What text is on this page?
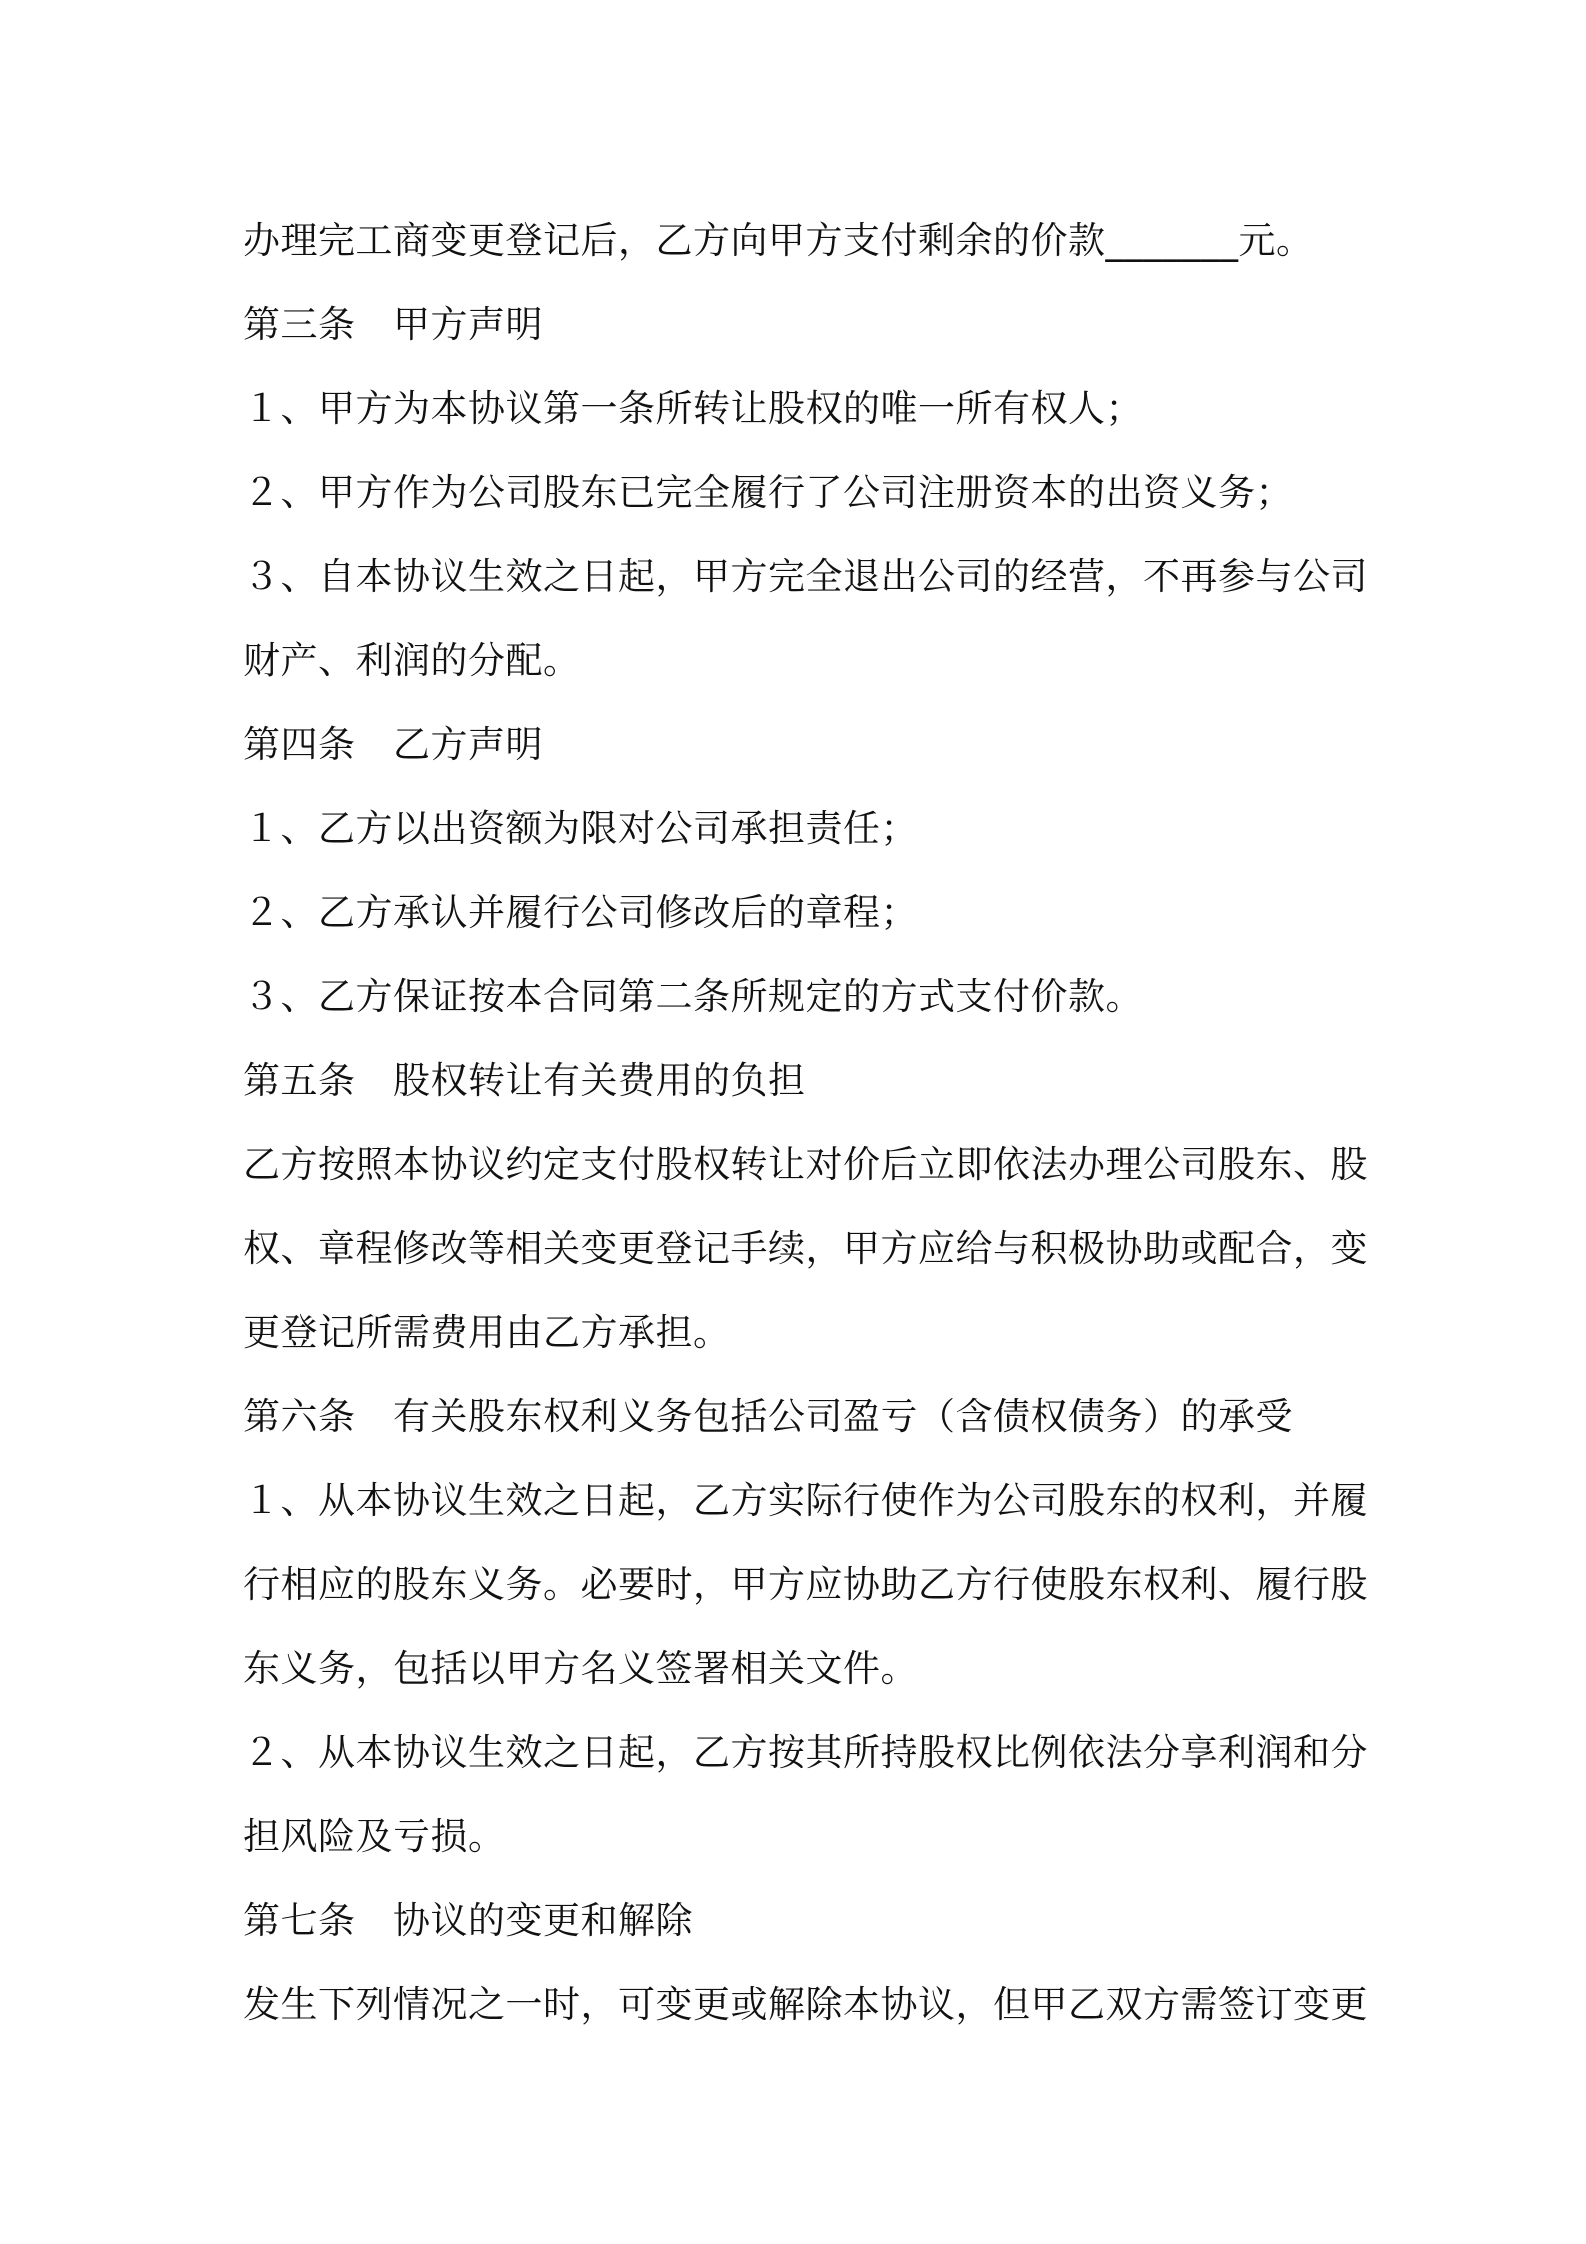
办理完工商变更登记后，乙方向甲方支付剩余的价款_______元。
第三条　甲方声明
１、甲方为本协议第一条所转让股权的唯一所有权人；
２、甲方作为公司股东已完全履行了公司注册资本的出资义务；
３、自本协议生效之日起，甲方完全退出公司的经营，不再参与公司
财产、利润的分配。
第四条　乙方声明
１、乙方以出资额为限对公司承担责任；
２、乙方承认并履行公司修改后的章程；
３、乙方保证按本合同第二条所规定的方式支付价款。
第五条　股权转让有关费用的负担
乙方按照本协议约定支付股权转让对价后立即依法办理公司股东、股
权、章程修改等相关变更登记手续，甲方应给与积极协助或配合，变
更登记所需费用由乙方承担。
第六条　有关股东权利义务包括公司盈亏（含债权债务）的承受
１、从本协议生效之日起，乙方实际行使作为公司股东的权利，并履
行相应的股东义务。必要时，甲方应协助乙方行使股东权利、履行股
东义务，包括以甲方名义签署相关文件。
２、从本协议生效之日起，乙方按其所持股权比例依法分享利润和分
担风险及亏损。
第七条　协议的变更和解除
发生下列情况之一时，可变更或解除本协议，但甲乙双方需签订变更
